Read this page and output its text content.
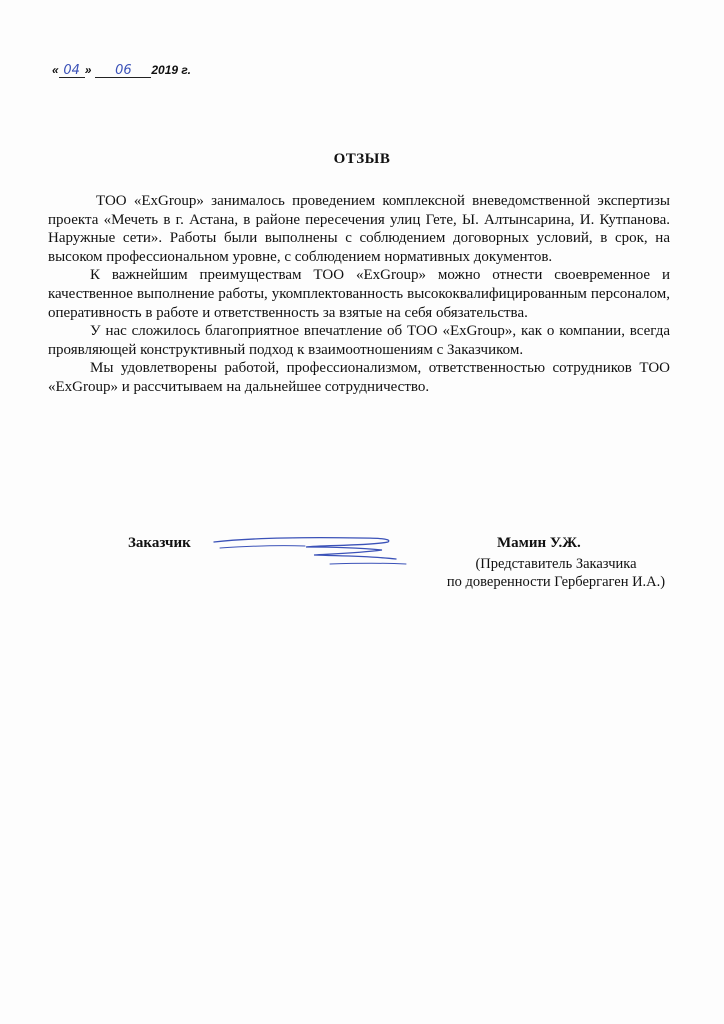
« 04 » 06 2019 г.
ОТЗЫВ

ТОО «ExGroup» занималось проведением комплексной вневедомственной экспертизы проекта «Мечеть в г. Астана, в районе пересечения улиц Гете, Ы. Алтынсарина, И. Кутпанова. Наружные сети». Работы были выполнены с соблюдением договорных условий, в срок, на высоком профессиональном уровне, с соблюдением нормативных документов.

К важнейшим преимуществам ТОО «ExGroup» можно отнести своевременное и качественное выполнение работы, укомплектованность высококвалифицированным персоналом, оперативность в работе и ответственность за взятые на себя обязательства.

У нас сложилось благоприятное впечатление об ТОО «ExGroup», как о компании, всегда проявляющей конструктивный подход к взаимоотношениям с Заказчиком.

Мы удовлетворены работой, профессионализмом, ответственностью сотрудников ТОО «ExGroup» и рассчитываем на дальнейшее сотрудничество.

Заказчик	Мамин У.Ж.
(Представитель Заказчика
по доверенности Гербергаген И.А.)
